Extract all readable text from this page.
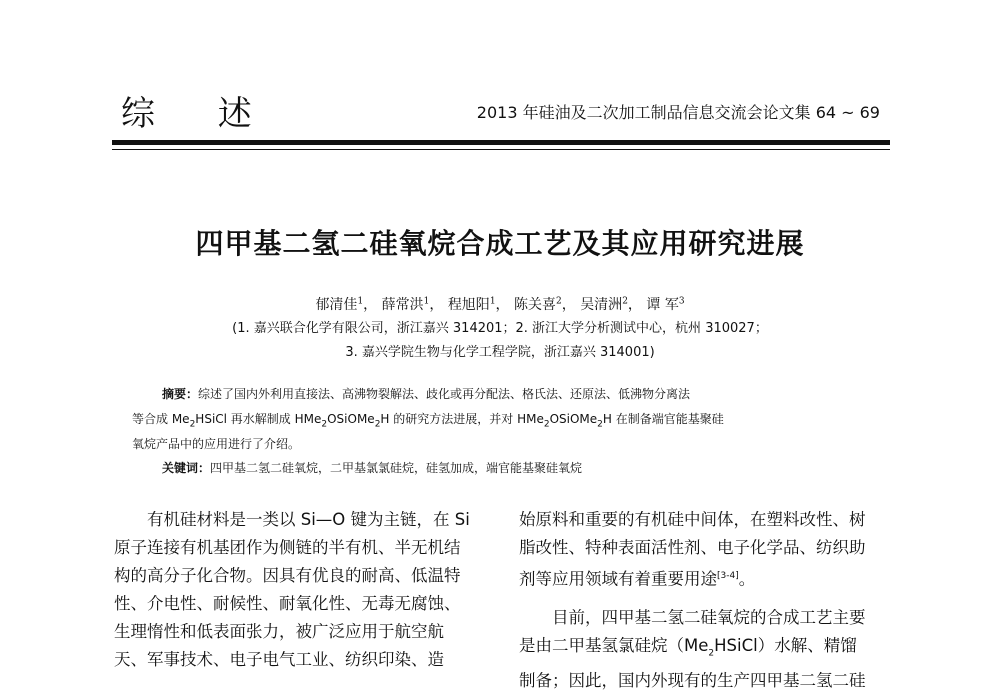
综 述	2013 年硅油及二次加工制品信息交流会论文集 64 ~ 69
四甲基二氢二硅氧烷合成工艺及其应用研究进展
郁清佳$^1$， 薛常洪$^1$， 程旭阳$^1$， 陈关喜$^2$， 吴清洲$^2$， 谭 军$^3$
(1. 嘉兴联合化学有限公司，浙江嘉兴 314201；2. 浙江大学分析测试中心，杭州 310027；
3. 嘉兴学院生物与化学工程学院，浙江嘉兴 314001)
摘要：综述了国内外利用直接法、高沸物裂解法、歧化或再分配法、格氏法、还原法、低沸物分离法
等合成 $Me_2HSiCl$ 再水解制成 HMe$_2$OSiOMe$_2$H 的研究方法进展，并对 HMe$_2$OSiOMe$_2$H 在制备端官能基聚硅
氧烷产品中的应用进行了介绍。
关键词：四甲基二氢二硅氧烷，二甲基氯氯硅烷，硅氢加成，端官能基聚硅氧烷

有机硅材料是一类以 Si—O 键为主链，在 Si

原子连接有机基团作为侧链的半有机、半无机结

构的高分子化合物。因具有优良的耐高、低温特

性、介电性、耐候性、耐氧化性、无毒无腐蚀、

生理惰性和低表面张力，被广泛应用于航空航

天、军事技术、电子电气工业、纺织印染、造

始原料和重要的有机硅中间体，在塑料改性、树

脂改性、特种表面活性剂、电子化学品、纺织助

剂等应用领域有着重要用途[3-4]。

目前，四甲基二氢二硅氧烷的合成工艺主要

是由二甲基氢氯硅烷$(Me_2HSiCl)$水解、精馏

制备；因此，国内外现有的生产四甲基二氢二硅
